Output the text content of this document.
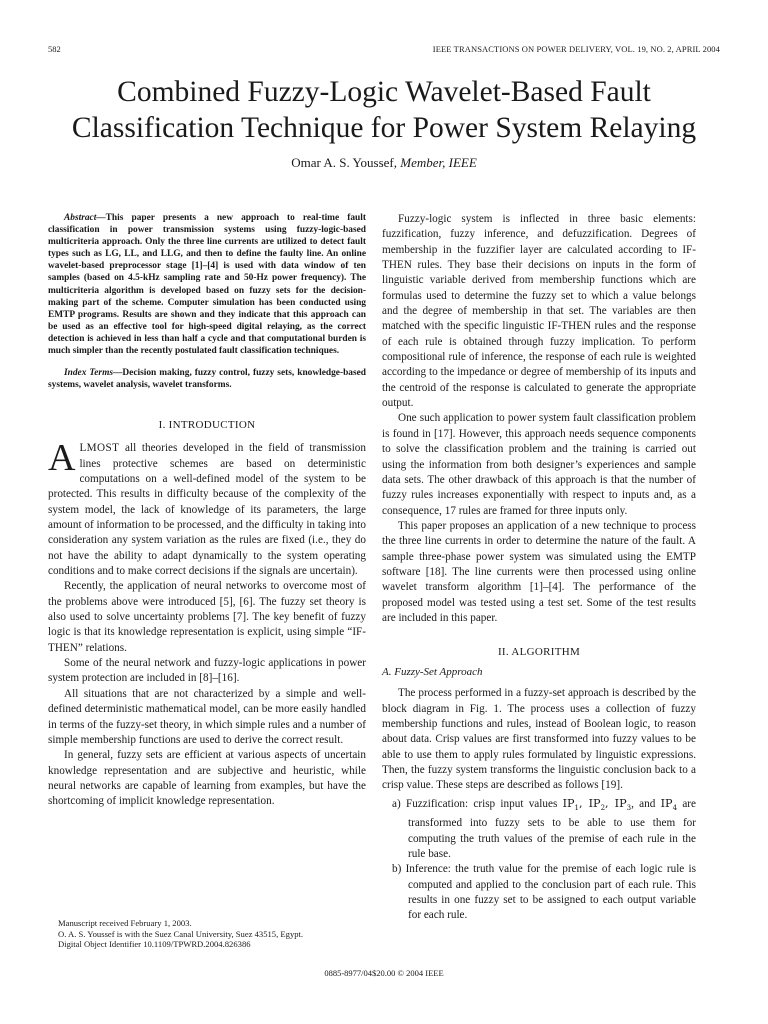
582	IEEE TRANSACTIONS ON POWER DELIVERY, VOL. 19, NO. 2, APRIL 2004
Combined Fuzzy-Logic Wavelet-Based Fault
Classification Technique for Power System Relaying
Omar A. S. Youssef, Member, IEEE

Abstract—This paper presents a new approach to real-time fault classification in power transmission systems using fuzzy-logic-based multicriteria approach. Only the three line currents are utilized to detect fault types such as LG, LL, and LLG, and then to define the faulty line. An online wavelet-based preprocessor stage [1]–[4] is used with data window of ten samples (based on 4.5-kHz sampling rate and 50-Hz power frequency). The multicriteria algorithm is developed based on fuzzy sets for the decision-making part of the scheme. Computer simulation has been conducted using EMTP programs. Results are shown and they indicate that this approach can be used as an effective tool for high-speed digital relaying, as the correct detection is achieved in less than half a cycle and that computational burden is much simpler than the recently postulated fault classification techniques.

Index Terms—Decision making, fuzzy control, fuzzy sets, knowledge-based systems, wavelet analysis, wavelet transforms.

I. INTRODUCTION

ALMOST all theories developed in the field of transmission lines protective schemes are based on deterministic computations on a well-defined model of the system to be protected. This results in difficulty because of the complexity of the system model, the lack of knowledge of its parameters, the large amount of information to be processed, and the difficulty in taking into consideration any system variation as the rules are fixed (i.e., they do not have the ability to adapt dynamically to the system operating conditions and to make correct decisions if the signals are uncertain).

Recently, the application of neural networks to overcome most of the problems above were introduced [5], [6]. The fuzzy set theory is also used to solve uncertainty problems [7]. The key benefit of fuzzy logic is that its knowledge representation is explicit, using simple “IF-THEN” relations.

Some of the neural network and fuzzy-logic applications in power system protection are included in [8]–[16].

All situations that are not characterized by a simple and well-defined deterministic mathematical model, can be more easily handled in terms of the fuzzy-set theory, in which simple rules and a number of simple membership functions are used to derive the correct result.

In general, fuzzy sets are efficient at various aspects of uncertain knowledge representation and are subjective and heuristic, while neural networks are capable of learning from examples, but have the shortcoming of implicit knowledge representation.

Fuzzy-logic system is inflected in three basic elements: fuzzification, fuzzy inference, and defuzzification. Degrees of membership in the fuzzifier layer are calculated according to IF-THEN rules. They base their decisions on inputs in the form of linguistic variable derived from membership functions which are formulas used to determine the fuzzy set to which a value belongs and the degree of membership in that set. The variables are then matched with the specific linguistic IF-THEN rules and the response of each rule is obtained through fuzzy implication. To perform compositional rule of inference, the response of each rule is weighted according to the impedance or degree of membership of its inputs and the centroid of the response is calculated to generate the appropriate output.

One such application to power system fault classification problem is found in [17]. However, this approach needs sequence components to solve the classification problem and the training is carried out using the information from both designer’s experiences and sample data sets. The other drawback of this approach is that the number of fuzzy rules increases exponentially with respect to inputs and, as a consequence, 17 rules are framed for three inputs only.

This paper proposes an application of a new technique to process the three line currents in order to determine the nature of the fault. A sample three-phase power system was simulated using the EMTP software [18]. The line currents were then processed using online wavelet transform algorithm [1]–[4]. The performance of the proposed model was tested using a test set. Some of the test results are included in this paper.

II. ALGORITHM
A. Fuzzy-Set Approach

The process performed in a fuzzy-set approach is described by the block diagram in Fig. 1. The process uses a collection of fuzzy membership functions and rules, instead of Boolean logic, to reason about data. Crisp values are first transformed into fuzzy values to be able to use them to apply rules formulated by linguistic expressions. Then, the fuzzy system transforms the linguistic conclusion back to a crisp value. These steps are described as follows [19].

a) Fuzzification: crisp input values $IP_1$, $IP_2$, $IP_3$, and $IP_4$ are transformed into fuzzy sets to be able to use them for computing the truth values of the premise of each rule in the rule base.
b) Inference: the truth value for the premise of each logic rule is computed and applied to the conclusion part of each rule. This results in one fuzzy set to be assigned to each output variable for each rule.

Manuscript received February 1, 2003.

O. A. S. Youssef is with the Suez Canal University, Suez 43515, Egypt.

Digital Object Identifier 10.1109/TPWRD.2004.826386

0885-8977/04$20.00 © 2004 IEEE
